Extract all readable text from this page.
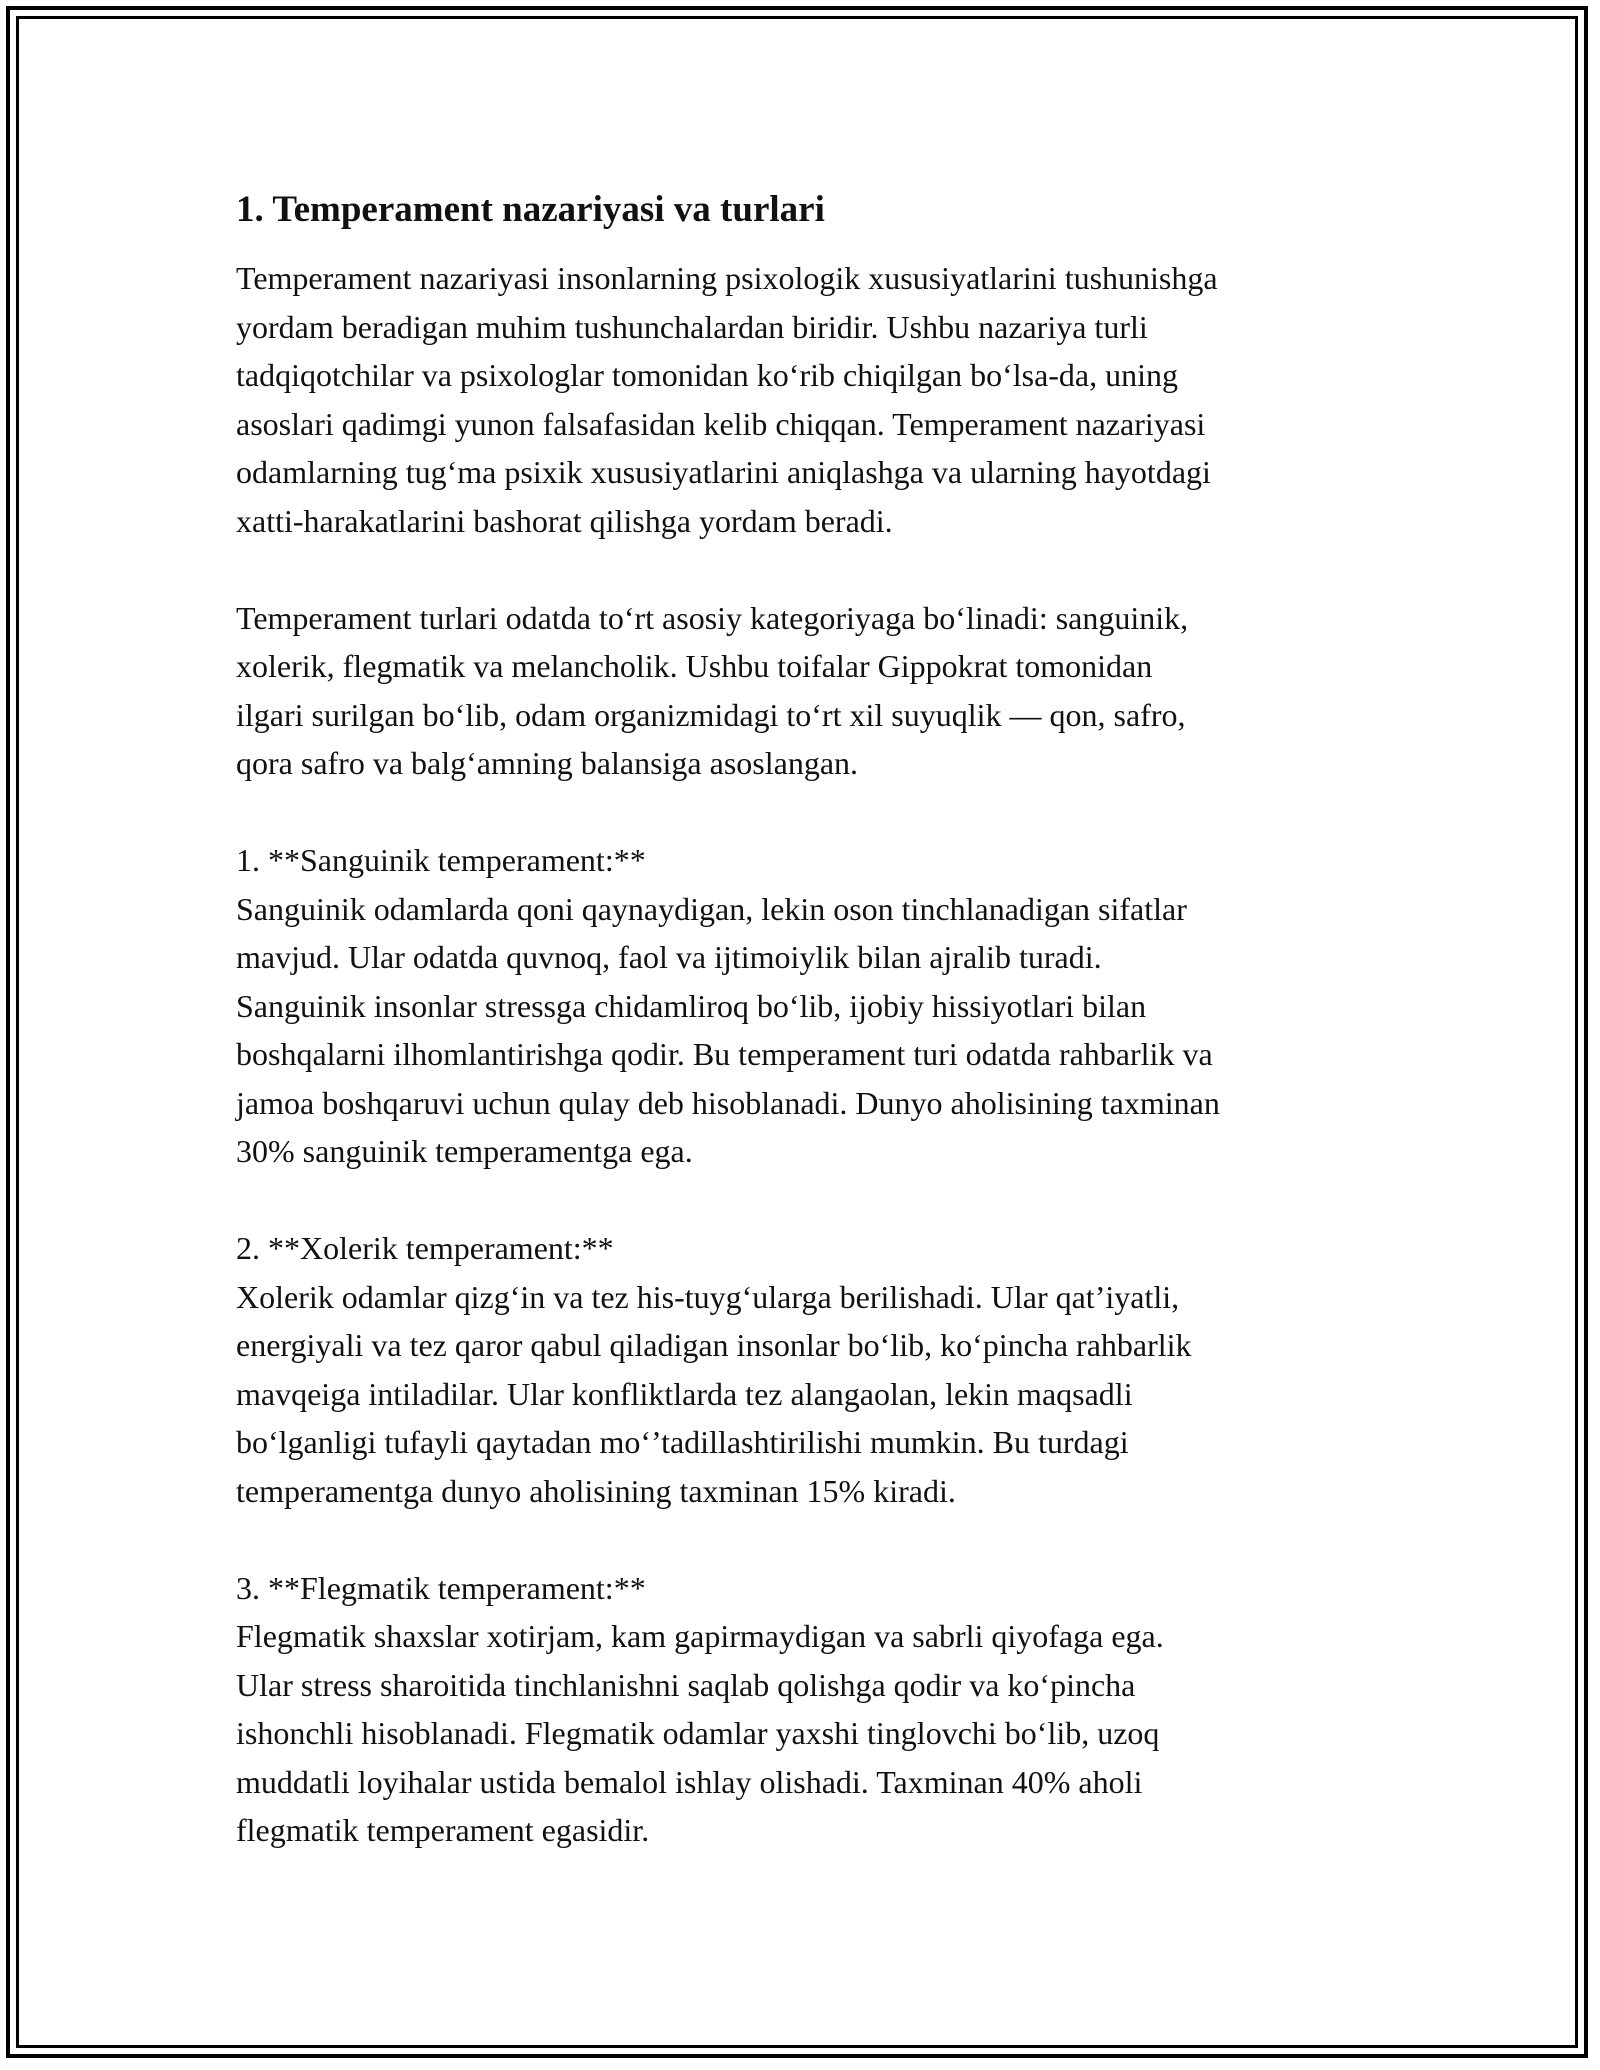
1. Temperament nazariyasi va turlari

Temperament nazariyasi insonlarning psixologik xususiyatlarini tushunishga
yordam beradigan muhim tushunchalardan biridir. Ushbu nazariya turli
tadqiqotchilar va psixologlar tomonidan ko‘rib chiqilgan bo‘lsa-da, uning
asoslari qadimgi yunon falsafasidan kelib chiqqan. Temperament nazariyasi
odamlarning tug‘ma psixik xususiyatlarini aniqlashga va ularning hayotdagi
xatti-harakatlarini bashorat qilishga yordam beradi.

Temperament turlari odatda to‘rt asosiy kategoriyaga bo‘linadi: sanguinik,
xolerik, flegmatik va melancholik. Ushbu toifalar Gippokrat tomonidan
ilgari surilgan bo‘lib, odam organizmidagi to‘rt xil suyuqlik — qon, safro,
qora safro va balg‘amning balansiga asoslangan.

1. **Sanguinik temperament:**
Sanguinik odamlarda qoni qaynaydigan, lekin oson tinchlanadigan sifatlar
mavjud. Ular odatda quvnoq, faol va ijtimoiylik bilan ajralib turadi.
Sanguinik insonlar stressga chidamliroq bo‘lib, ijobiy hissiyotlari bilan
boshqalarni ilhomlantirishga qodir. Bu temperament turi odatda rahbarlik va
jamoa boshqaruvi uchun qulay deb hisoblanadi. Dunyo aholisining taxminan
30% sanguinik temperamentga ega.

2. **Xolerik temperament:**
Xolerik odamlar qizg‘in va tez his-tuyg‘ularga berilishadi. Ular qat’iyatli,
energiyali va tez qaror qabul qiladigan insonlar bo‘lib, ko‘pincha rahbarlik
mavqeiga intiladilar. Ular konfliktlarda tez alangaolan, lekin maqsadli
bo‘lganligi tufayli qaytadan mo‘’tadillashtirilishi mumkin. Bu turdagi
temperamentga dunyo aholisining taxminan 15% kiradi.

3. **Flegmatik temperament:**
Flegmatik shaxslar xotirjam, kam gapirmaydigan va sabrli qiyofaga ega.
Ular stress sharoitida tinchlanishni saqlab qolishga qodir va ko‘pincha
ishonchli hisoblanadi. Flegmatik odamlar yaxshi tinglovchi bo‘lib, uzoq
muddatli loyihalar ustida bemalol ishlay olishadi. Taxminan 40% aholi
flegmatik temperament egasidir.
